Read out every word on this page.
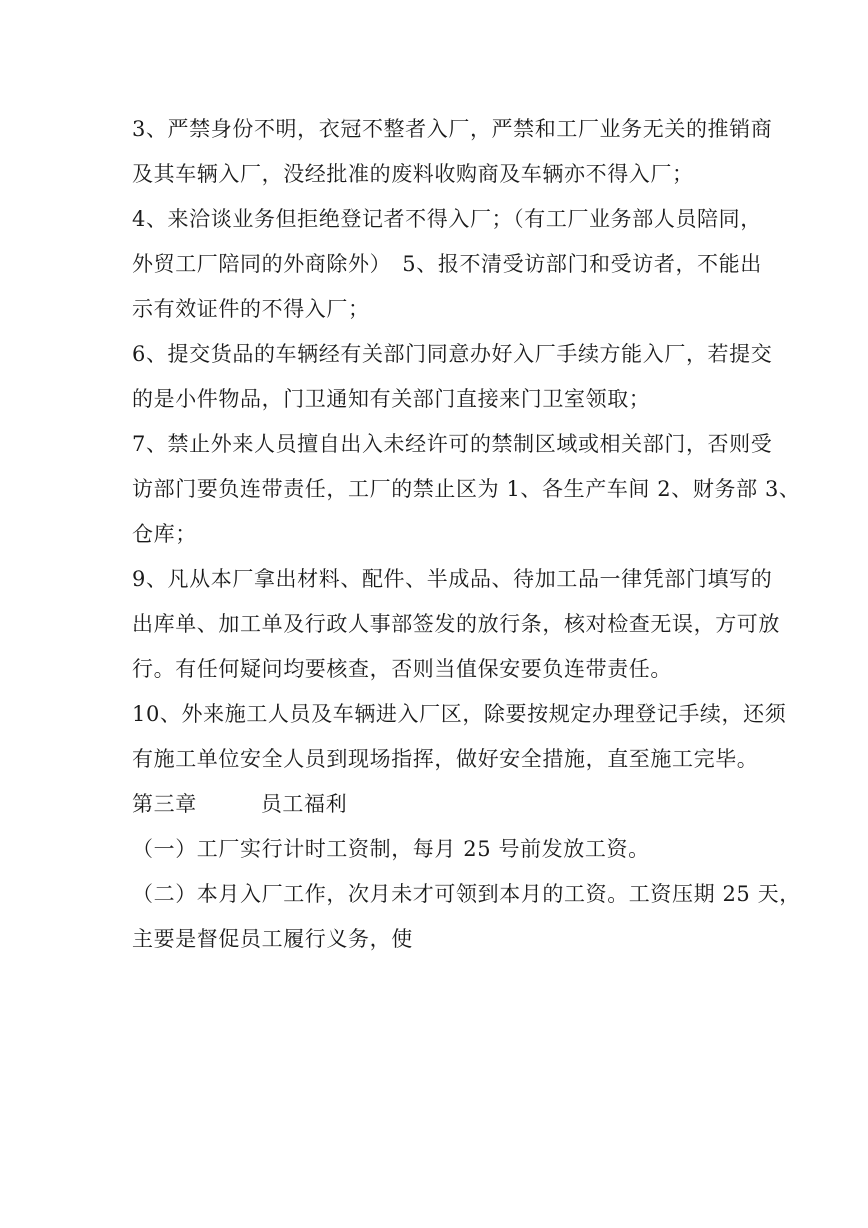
3、严禁身份不明，衣冠不整者入厂，严禁和工厂业务无关的推销商
及其车辆入厂，没经批准的废料收购商及车辆亦不得入厂；
4、来洽谈业务但拒绝登记者不得入厂；（有工厂业务部人员陪同，
外贸工厂陪同的外商除外）　5、报不清受访部门和受访者，不能出
示有效证件的不得入厂；
6、提交货品的车辆经有关部门同意办好入厂手续方能入厂，若提交
的是小件物品，门卫通知有关部门直接来门卫室领取；
7、禁止外来人员擅自出入未经许可的禁制区域或相关部门，否则受
访部门要负连带责任，工厂的禁止区为 1、各生产车间 2、财务部 3、
仓库；
9、凡从本厂拿出材料、配件、半成品、待加工品一律凭部门填写的
出库单、加工单及行政人事部签发的放行条，核对检查无误，方可放
行。有任何疑问均要核查，否则当值保安要负连带责任。
10、外来施工人员及车辆进入厂区，除要按规定办理登记手续，还须
有施工单位安全人员到现场指挥，做好安全措施，直至施工完毕。
第三章	员工福利
（一）工厂实行计时工资制，每月 25 号前发放工资。
（二）本月入厂工作，次月未才可领到本月的工资。工资压期 25 天，
主要是督促员工履行义务，使
